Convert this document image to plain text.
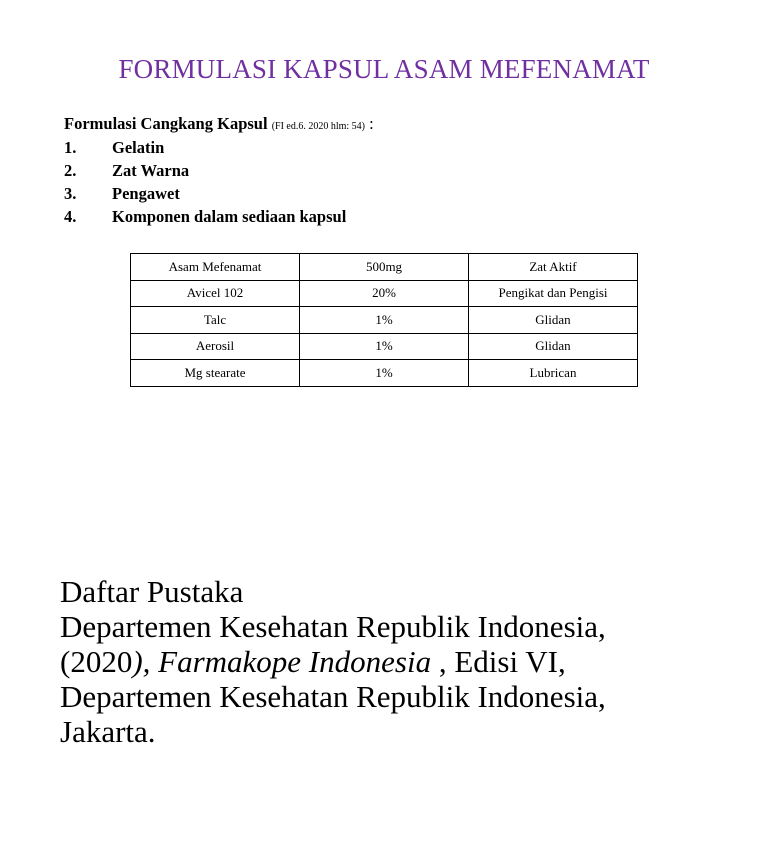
FORMULASI KAPSUL ASAM MEFENAMAT
Formulasi Cangkang Kapsul (FI ed.6. 2020 hlm: 54) :
1.	Gelatin
2.	Zat Warna
3.	Pengawet
4.	Komponen dalam sediaan kapsul
Asam Mefenamat	500mg	Zat Aktif
Avicel 102	20%	Pengikat dan Pengisi
Talc	1%	Glidan
Aerosil	1%	Glidan
Mg stearate	1%	Lubrican
Daftar Pustaka
Departemen Kesehatan Republik Indonesia,
(2020), Farmakope Indonesia , Edisi VI,
Departemen Kesehatan Republik Indonesia,
Jakarta.
